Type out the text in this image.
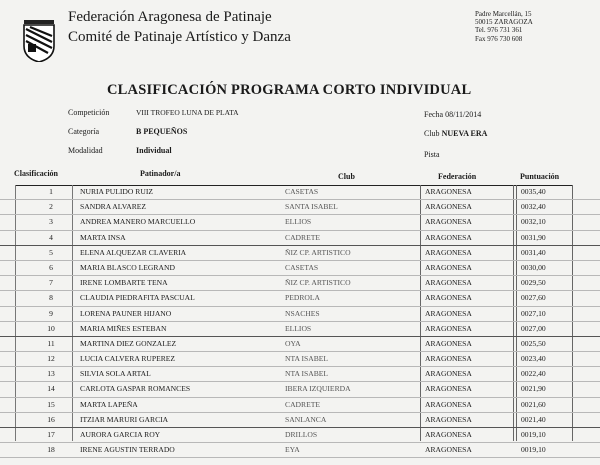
Federación Aragonesa de Patinaje
Comité de Patinaje Artístico y Danza
Padre Marcellán, 15
50015 ZARAGOZA
Tel. 976 731 361
Fax 976 730 608
CLASIFICACIÓN PROGRAMA CORTO INDIVIDUAL
Competición	VIII TROFEO LUNA DE PLATA
Categoría	B PEQUEÑOS
Modalidad	Individual
Fecha 08/11/2014
Club NUEVA ERA
Pista
Clasificación	Patinador/a	Club	Federación	Puntuación
1	NURIA PULIDO RUIZ	CASETAS	ARAGONESA	0035,40
2	SANDRA ALVAREZ	SANTA ISABEL	ARAGONESA	0032,40
3	ANDREA MANERO MARCUELLO	ELLIOS	ARAGONESA	0032,10
4	MARTA INSA	CADRETE	ARAGONESA	0031,90
5	ELENA ALQUEZAR CLAVERIA	ÑIZ CP. ARTISTICO	ARAGONESA	0031,40
6	MARIA BLASCO LEGRAND	CASETAS	ARAGONESA	0030,00
7	IRENE LOMBARTE TENA	ÑIZ CP. ARTISTICO	ARAGONESA	0029,50
8	CLAUDIA PIEDRAFITA PASCUAL	PEDROLA	ARAGONESA	0027,60
9	LORENA PAUNER HIJANO	NSACHES	ARAGONESA	0027,10
10	MARIA MIÑES ESTEBAN	ELLIOS	ARAGONESA	0027,00
11	MARTINA DIEZ GONZALEZ	OYA	ARAGONESA	0025,50
12	LUCIA CALVERA RUPEREZ	NTA ISABEL	ARAGONESA	0023,40
13	SILVIA SOLA ARTAL	NTA ISABEL	ARAGONESA	0022,40
14	CARLOTA GASPAR ROMANCES	IBERA IZQUIERDA	ARAGONESA	0021,90
15	MARTA LAPEÑA	CADRETE	ARAGONESA	0021,60
16	ITZIAR MARURI GARCIA	SANLANCA	ARAGONESA	0021,40
17	AURORA GARCIA ROY	DRILLOS	ARAGONESA	0019,10
18	IRENE AGUSTIN TERRADO	EYA	ARAGONESA	0019,10
